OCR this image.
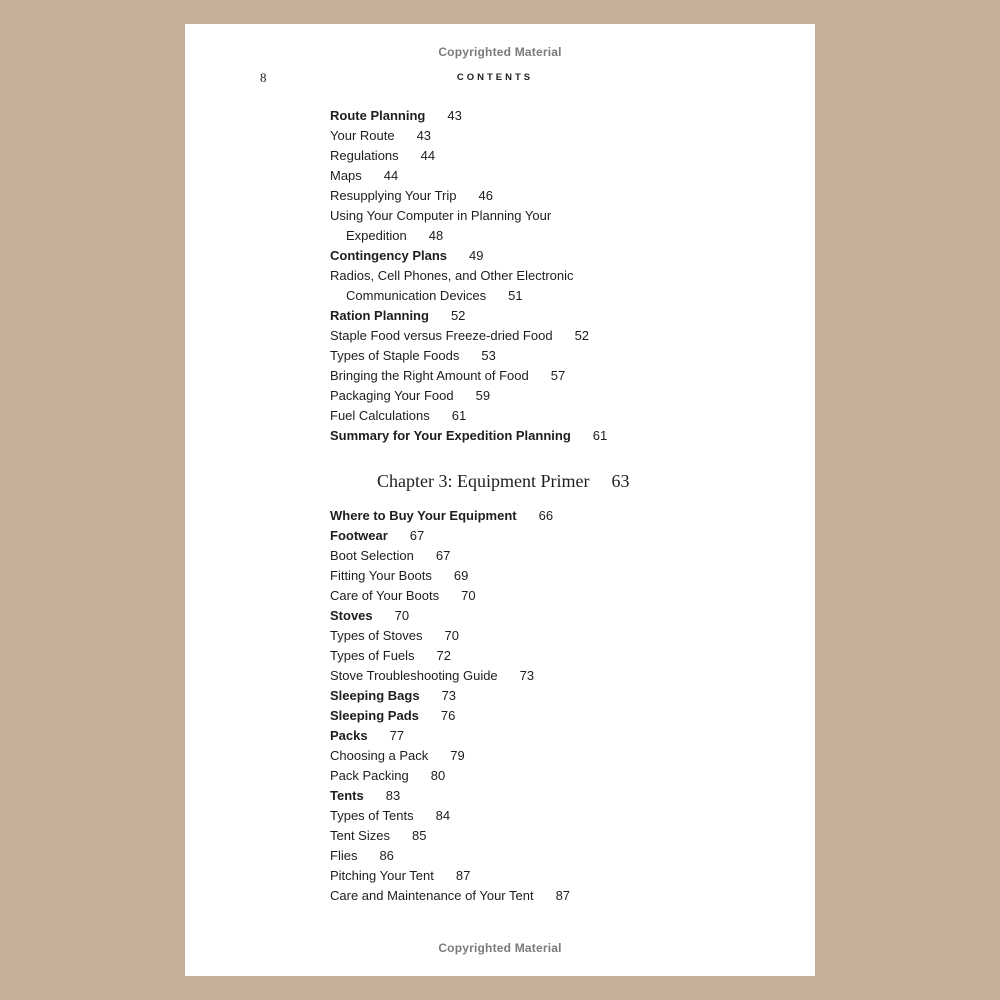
Copyrighted Material
8	CONTENTS
Route Planning 43
Your Route 43
Regulations 44
Maps 44
Resupplying Your Trip 46
Using Your Computer in Planning Your
Expedition 48
Contingency Plans 49
Radios, Cell Phones, and Other Electronic
Communication Devices 51
Ration Planning 52
Staple Food versus Freeze-dried Food 52
Types of Staple Foods 53
Bringing the Right Amount of Food 57
Packaging Your Food 59
Fuel Calculations 61
Summary for Your Expedition Planning 61
Chapter 3: Equipment Primer 63
Where to Buy Your Equipment 66
Footwear 67
Boot Selection 67
Fitting Your Boots 69
Care of Your Boots 70
Stoves 70
Types of Stoves 70
Types of Fuels 72
Stove Troubleshooting Guide 73
Sleeping Bags 73
Sleeping Pads 76
Packs 77
Choosing a Pack 79
Pack Packing 80
Tents 83
Types of Tents 84
Tent Sizes 85
Flies 86
Pitching Your Tent 87
Care and Maintenance of Your Tent 87
Copyrighted Material
